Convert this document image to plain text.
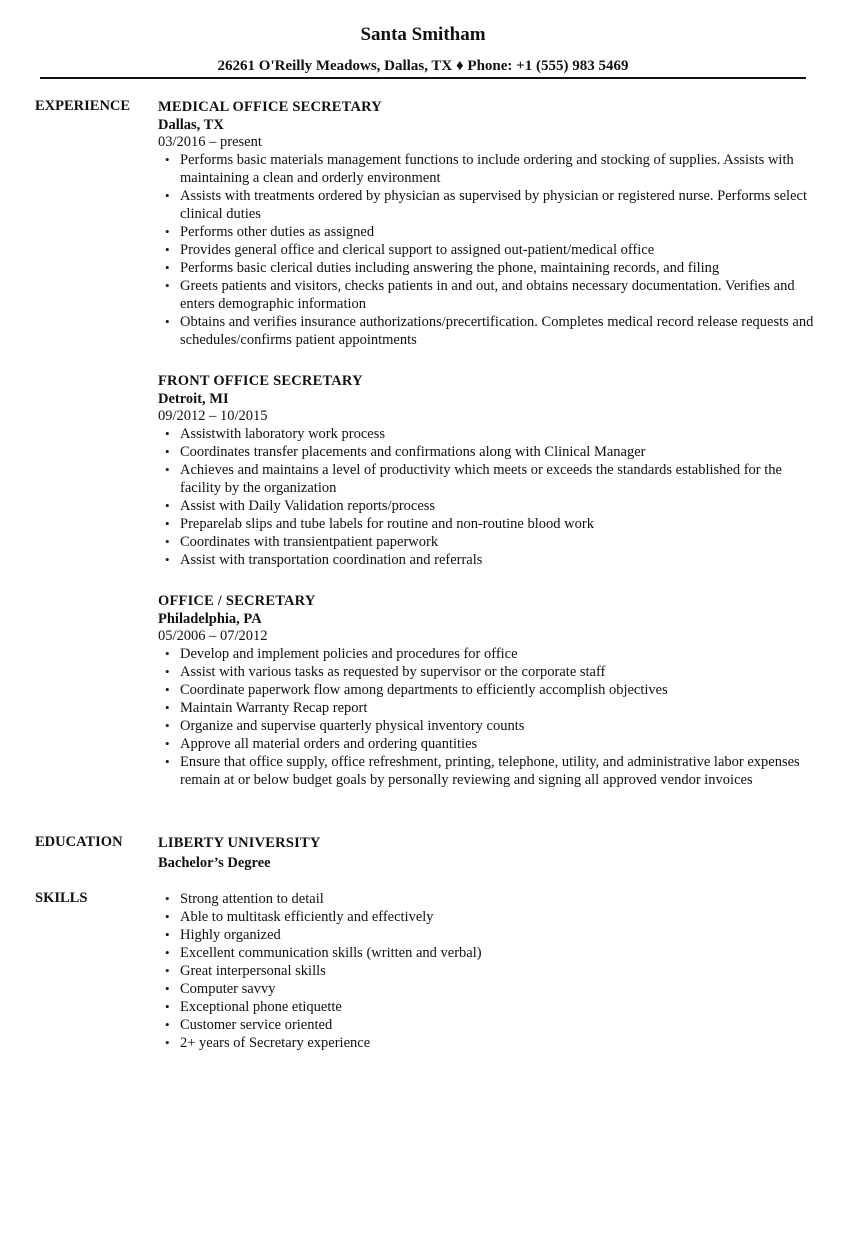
Santa Smitham
26261 O'Reilly Meadows, Dallas, TX ♦ Phone: +1 (555) 983 5469
EXPERIENCE MEDICAL OFFICE SECRETARY
Dallas, TX
03/2016 – present
• Performs basic materials management functions to include ordering and stocking of supplies. Assists with maintaining a clean and orderly environment
• Assists with treatments ordered by physician as supervised by physician or registered nurse. Performs select clinical duties
• Performs other duties as assigned
• Provides general office and clerical support to assigned out-patient/medical office
• Performs basic clerical duties including answering the phone, maintaining records, and filing
• Greets patients and visitors, checks patients in and out, and obtains necessary documentation. Verifies and enters demographic information
• Obtains and verifies insurance authorizations/precertification. Completes medical record release requests and schedules/confirms patient appointments
FRONT OFFICE SECRETARY
Detroit, MI
09/2012 – 10/2015
• Assistwith laboratory work process
• Coordinates transfer placements and confirmations along with Clinical Manager
• Achieves and maintains a level of productivity which meets or exceeds the standards established for the facility by the organization
• Assist with Daily Validation reports/process
• Preparelab slips and tube labels for routine and non-routine blood work
• Coordinates with transientpatient paperwork
• Assist with transportation coordination and referrals
OFFICE / SECRETARY
Philadelphia, PA
05/2006 – 07/2012
• Develop and implement policies and procedures for office
• Assist with various tasks as requested by supervisor or the corporate staff
• Coordinate paperwork flow among departments to efficiently accomplish objectives
• Maintain Warranty Recap report
• Organize and supervise quarterly physical inventory counts
• Approve all material orders and ordering quantities
• Ensure that office supply, office refreshment, printing, telephone, utility, and administrative labor expenses remain at or below budget goals by personally reviewing and signing all approved vendor invoices
EDUCATION LIBERTY UNIVERSITY
Bachelor’s Degree
SKILLS
•	Strong attention to detail
• Able to multitask efficiently and effectively
• Highly organized
• Excellent communication skills (written and verbal)
• Great interpersonal skills
• Computer savvy
• Exceptional phone etiquette
• Customer service oriented
• 2+ years of Secretary experience
